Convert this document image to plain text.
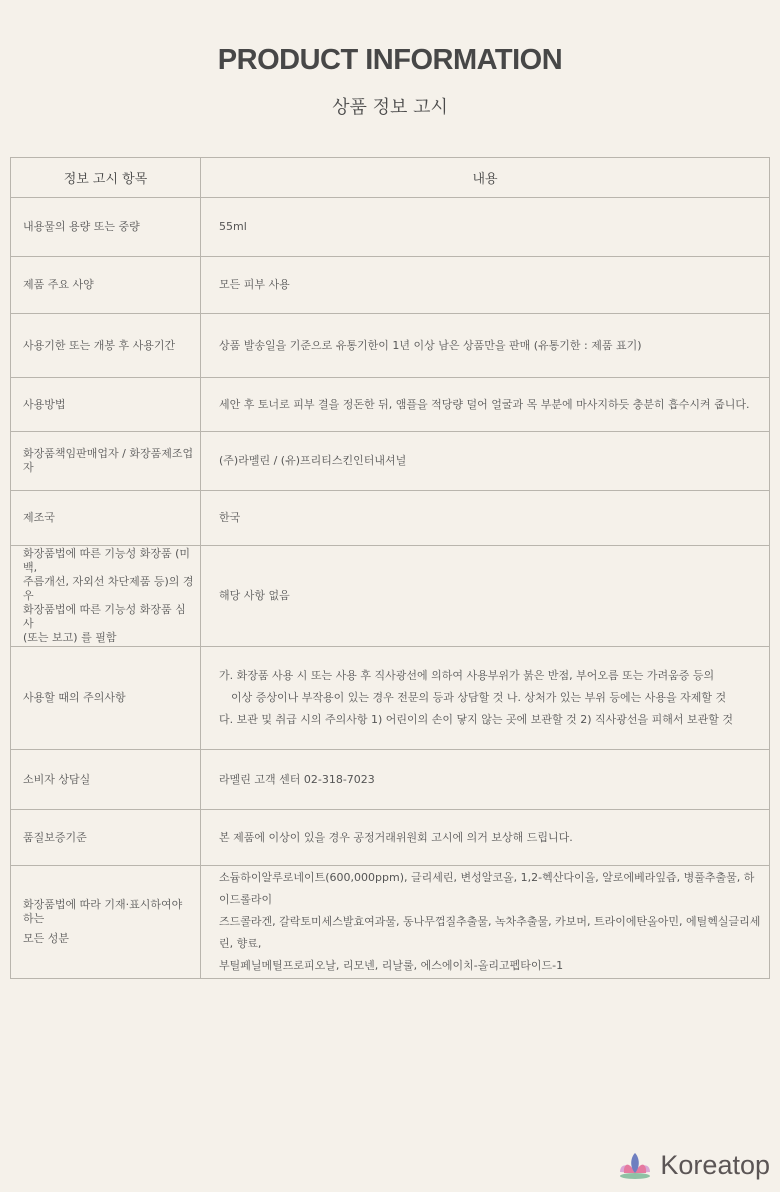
PRODUCT INFORMATION
상품 정보 고시
정보 고시 항목	내용

내용물의 용량 또는 중량	55ml

제품 주요 사양	모든 피부 사용

사용기한 또는 개봉 후 사용기간	상품 발송일을 기준으로 유통기한이 1년 이상 남은 상품만을 판매 (유통기한 : 제품 표기)

사용방법	세안 후 토너로 피부 결을 정돈한 뒤, 앰플을 적당량 덜어 얼굴과 목 부분에 마사지하듯 충분히 흡수시켜 줍니다.

화장품책임판매업자 / 화장품제조업자	(주)라멜린 / (유)프리티스킨인터내셔널

제조국	한국

화장품법에 따른 기능성 화장품 (미백,
주름개선, 자외선 차단제품 등)의 경우
화장품법에 따른 기능성 화장품 심사
(또는 보고) 를 필함	해당 사항 없음

사용할 때의 주의사항	가. 화장품 사용 시 또는 사용 후 직사광선에 의하여 사용부위가 붉은 반점, 부어오름 또는 가려움증 등의
이상 증상이나 부작용이 있는 경우 전문의 등과 상담할 것 나. 상처가 있는 부위 등에는 사용을 자제할 것
다. 보관 및 취급 시의 주의사항 1) 어린이의 손이 닿지 않는 곳에 보관할 것 2) 직사광선을 피해서 보관할 것

소비자 상담실	라멜린 고객 센터 02-318-7023

품질보증기준	본 제품에 이상이 있을 경우 공정거래위원회 고시에 의거 보상해 드립니다.

화장품법에 따라 기재·표시하여야 하는
모든 성분	소듐하이알루로네이트(600,000ppm), 글리세린, 변성알코올, 1,2-헥산다이올, 알로에베라잎즙, 병풀추출물, 하이드롤라이
즈드콜라겐, 갈락토미세스발효여과물, 동나무껍질추출물, 녹차추출물, 카보머, 트라이에탄올아민, 에틸헥실글리세린, 향료,
부틸페닐메틸프로피오날, 리모넨, 리날룰, 에스에이치-올리고펩타이드-1
Koreatop
